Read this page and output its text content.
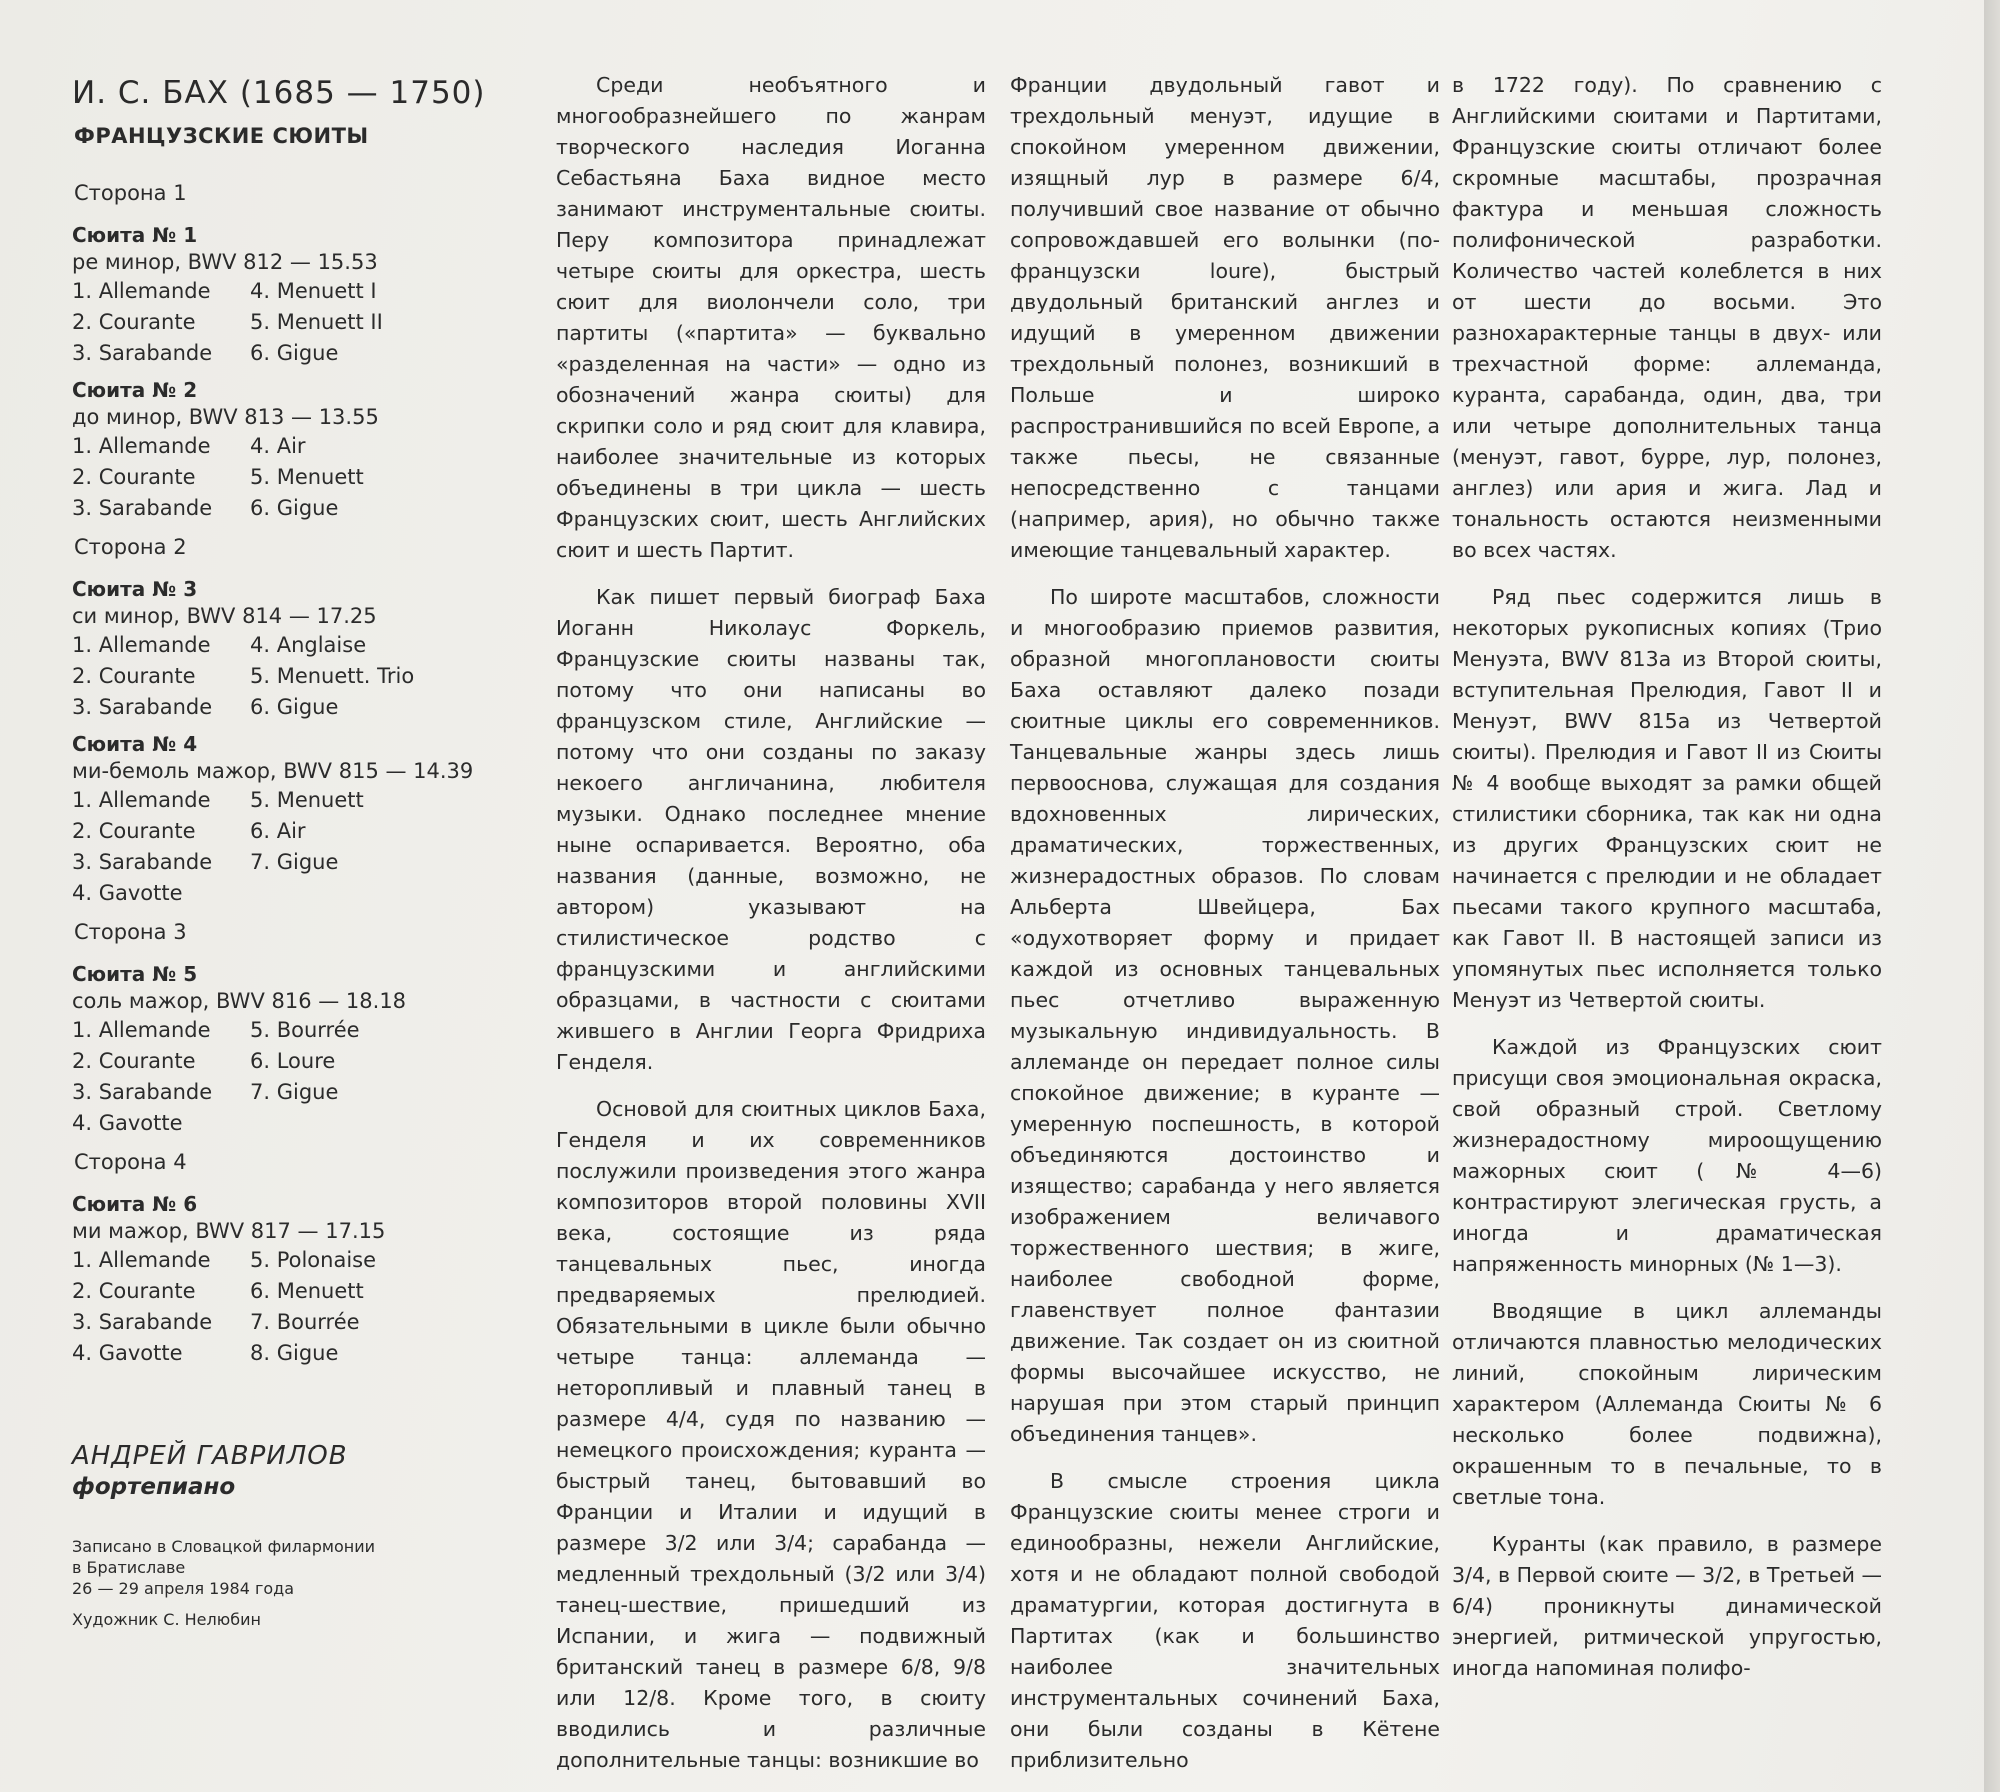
И. С. БАХ (1685 — 1750)
ФРАНЦУЗСКИЕ СЮИТЫ
Сторона 1
Сюита № 1
ре минор, BWV 812 — 15.53
1. Allemande	4. Menuett I
2. Courante	5. Menuett II
3. Sarabande	6. Gigue
Сюита № 2
до минор, BWV 813 — 13.55
1. Allemande	4. Air
2. Courante	5. Menuett
3. Sarabande	6. Gigue
Сторона 2
Сюита № 3
си минор, BWV 814 — 17.25
1. Allemande	4. Anglaise
2. Courante	5. Menuett. Trio
3. Sarabande	6. Gigue
Сюита № 4
ми-бемоль мажор, BWV 815 — 14.39
1. Allemande	5. Menuett
2. Courante	6. Air
3. Sarabande	7. Gigue
4. Gavotte
Сторона 3
Сюита № 5
соль мажор, BWV 816 — 18.18
1. Allemande	5. Bourrée
2. Courante	6. Loure
3. Sarabande	7. Gigue
4. Gavotte
Сторона 4
Сюита № 6
ми мажор, BWV 817 — 17.15
1. Allemande	5. Polonaise
2. Courante	6. Menuett
3. Sarabande	7. Bourrée
4. Gavotte	8. Gigue
АНДРЕЙ ГАВРИЛОВ
фортепиано
Записано в Словацкой филармонии
в Братиславе
26 — 29 апреля 1984 года
Художник С. Нелюбин

Среди необъятного и многообразнейшего по жанрам творческого наследия Иоганна Себастьяна Баха видное место занимают инструментальные сюиты. Перу композитора принадлежат четыре сюиты для оркестра, шесть сюит для виолончели соло, три партиты («партита» — буквально «разделенная на части» — одно из обозначений жанра сюиты) для скрипки соло и ряд сюит для клавира, наиболее значительные из которых объединены в три цикла — шесть Французских сюит, шесть Английских сюит и шесть Партит.

Как пишет первый биограф Баха Иоганн Николаус Форкель, Французские сюиты названы так, потому что они написаны во французском стиле, Английские — потому что они созданы по заказу некоего англичанина, любителя музыки. Однако последнее мнение ныне оспаривается. Вероятно, оба названия (данные, возможно, не автором) указывают на стилистическое родство с французскими и английскими образцами, в частности с сюитами жившего в Англии Георга Фридриха Генделя.

Основой для сюитных циклов Баха, Генделя и их современников послужили произведения этого жанра композиторов второй половины XVII века, состоящие из ряда танцевальных пьес, иногда предваряемых прелюдией. Обязательными в цикле были обычно четыре танца: аллеманда — неторопливый и плавный танец в размере 4/4, судя по названию — немецкого происхождения; куранта — быстрый танец, бытовавший во Франции и Италии и идущий в размере 3/2 или 3/4; сарабанда — медленный трехдольный (3/2 или 3/4) танец-шествие, пришедший из Испании, и жига — подвижный британский танец в размере 6/8, 9/8 или 12/8. Кроме того, в сюиту вводились и различные дополнительные танцы: возникшие во

Франции двудольный гавот и трехдольный менуэт, идущие в спокойном умеренном движении, изящный лур в размере 6/4, получивший свое название от обычно сопровождавшей его волынки (по-французски loure), быстрый двудольный британский англез и идущий в умеренном движении трехдольный полонез, возникший в Польше и широко распространившийся по всей Европе, а также пьесы, не связанные непосредственно с танцами (например, ария), но обычно также имеющие танцевальный характер.

По широте масштабов, сложности и многообразию приемов развития, образной многоплановости сюиты Баха оставляют далеко позади сюитные циклы его современников. Танцевальные жанры здесь лишь первооснова, служащая для создания вдохновенных лирических, драматических, торжественных, жизнерадостных образов. По словам Альберта Швейцера, Бах «одухотворяет форму и придает каждой из основных танцевальных пьес отчетливо выраженную музыкальную индивидуальность. В аллеманде он передает полное силы спокойное движение; в куранте — умеренную поспешность, в которой объединяются достоинство и изящество; сарабанда у него является изображением величавого торжественного шествия; в жиге, наиболее свободной форме, главенствует полное фантазии движение. Так создает он из сюитной формы высочайшее искусство, не нарушая при этом старый принцип объединения танцев».

В смысле строения цикла Французские сюиты менее строги и единообразны, нежели Английские, хотя и не обладают полной свободой драматургии, которая достигнута в Партитах (как и большинство наиболее значительных инструментальных сочинений Баха, они были созданы в Кётене приблизительно

в 1722 году). По сравнению с Английскими сюитами и Партитами, Французские сюиты отличают более скромные масштабы, прозрачная фактура и меньшая сложность полифонической разработки. Количество частей колеблется в них от шести до восьми. Это разнохарактерные танцы в двух- или трехчастной форме: аллеманда, куранта, сарабанда, один, два, три или четыре дополнительных танца (менуэт, гавот, бурре, лур, полонез, англез) или ария и жига. Лад и тональность остаются неизменными во всех частях.

Ряд пьес содержится лишь в некоторых рукописных копиях (Трио Менуэта, BWV 813a из Второй сюиты, вступительная Прелюдия, Гавот II и Менуэт, BWV 815a из Четвертой сюиты). Прелюдия и Гавот II из Сюиты № 4 вообще выходят за рамки общей стилистики сборника, так как ни одна из других Французских сюит не начинается с прелюдии и не обладает пьесами такого крупного масштаба, как Гавот II. В настоящей записи из упомянутых пьес исполняется только Менуэт из Четвертой сюиты.

Каждой из Французских сюит присущи своя эмоциональная окраска, свой образный строй. Светлому жизнерадостному мироощущению мажорных сюит (№ 4—6) контрастируют элегическая грусть, а иногда и драматическая напряженность минорных (№ 1—3).

Вводящие в цикл аллеманды отличаются плавностью мелодических линий, спокойным лирическим характером (Аллеманда Сюиты № 6 несколько более подвижна), окрашенным то в печальные, то в светлые тона.

Куранты (как правило, в размере 3/4, в Первой сюите — 3/2, в Третьей — 6/4) проникнуты динамической энергией, ритмической упругостью, иногда напоминая полифо-
